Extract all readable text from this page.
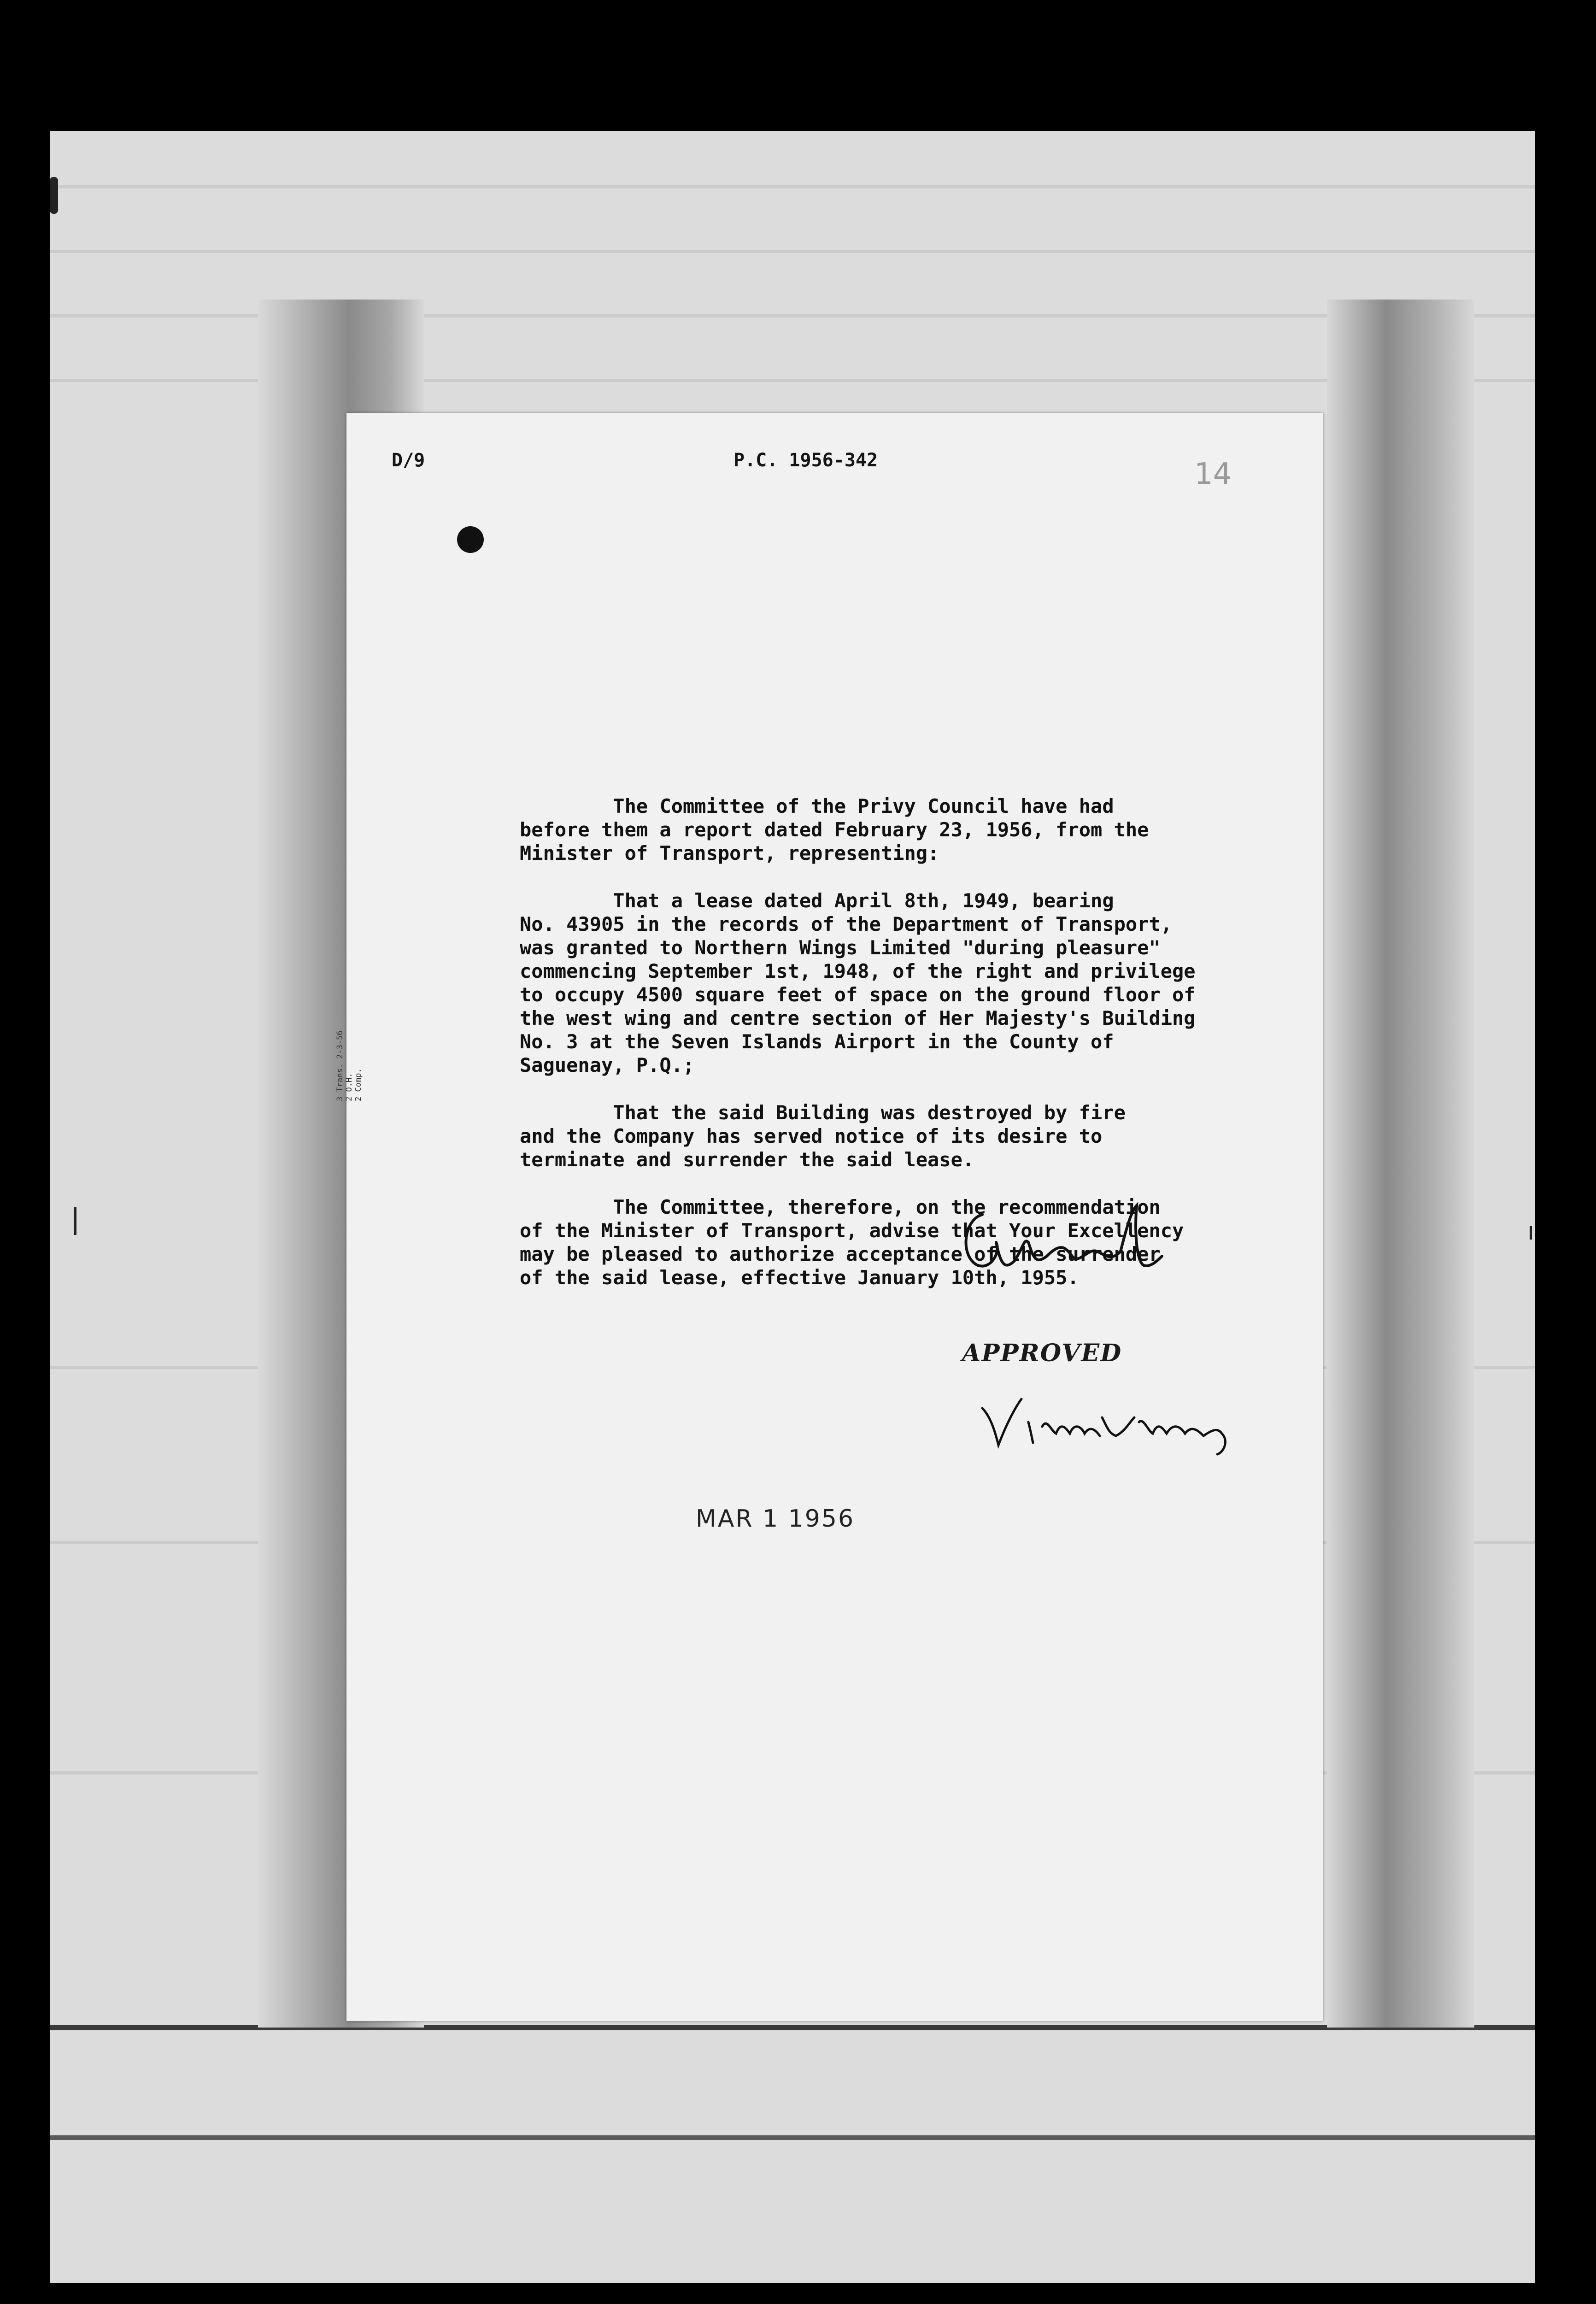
D/9	P.C. 1956-342	14
3 Trans. 2-3-56 2 O.H. 2 Comp.

The Committee of the Privy Council have had
before them a report dated February 23, 1956, from the
Minister of Transport, representing:

That a lease dated April 8th, 1949, bearing
No. 43905 in the records of the Department of Transport,
was granted to Northern Wings Limited "during pleasure"
commencing September 1st, 1948, of the right and privilege
to occupy 4500 square feet of space on the ground floor of
the west wing and centre section of Her Majesty's Building
No. 3 at the Seven Islands Airport in the County of
Saguenay, P.Q.;

That the said Building was destroyed by fire
and the Company has served notice of its desire to
terminate and surrender the said lease.

The Committee, therefore, on the recommendation
of the Minister of Transport, advise that Your Excellency
may be pleased to authorize acceptance of the surrender
of the said lease, effective January 10th, 1955.

APPROVED
MAR 1 1956
